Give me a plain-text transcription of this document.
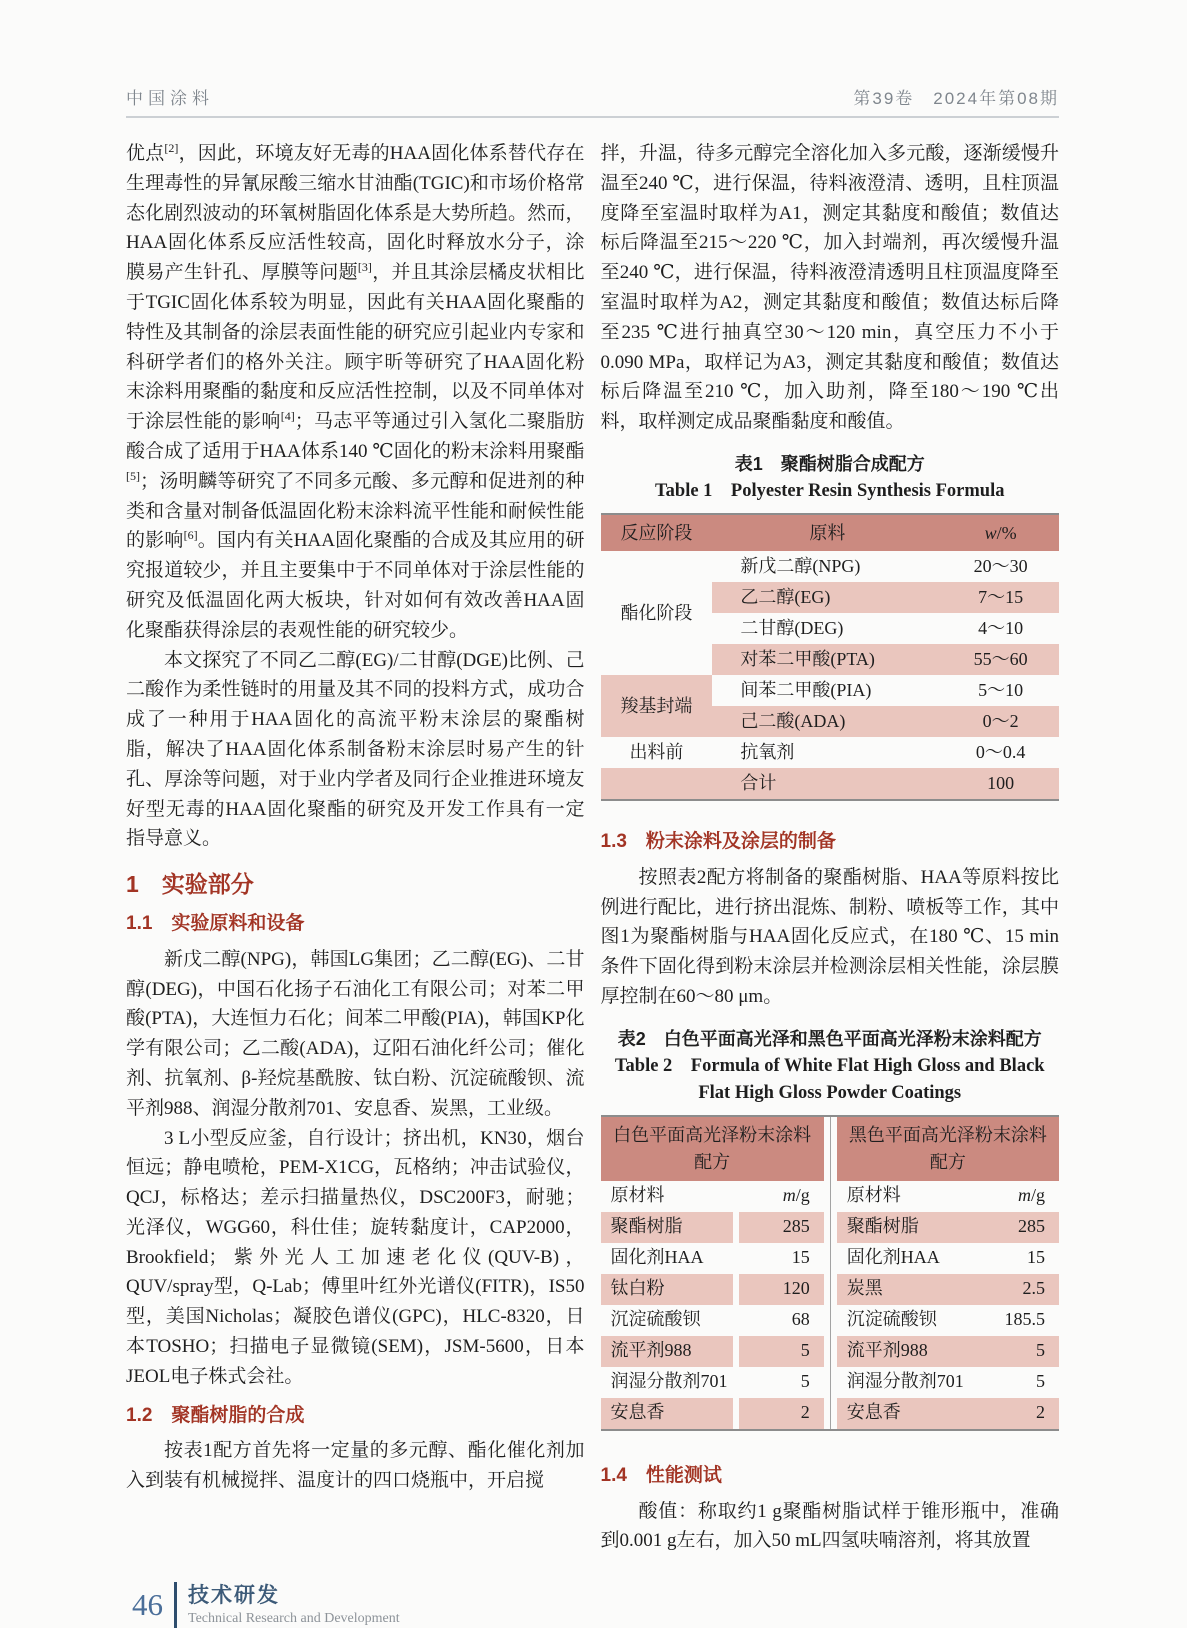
中国涂料	第39卷　2024年第08期

优点[2]，因此，环境友好无毒的HAA固化体系替代存在生理毒性的异氰尿酸三缩水甘油酯(TGIC)和市场价格常态化剧烈波动的环氧树脂固化体系是大势所趋。然而，HAA固化体系反应活性较高，固化时释放水分子，涂膜易产生针孔、厚膜等问题[3]，并且其涂层橘皮状相比于TGIC固化体系较为明显，因此有关HAA固化聚酯的特性及其制备的涂层表面性能的研究应引起业内专家和科研学者们的格外关注。顾宇昕等研究了HAA固化粉末涂料用聚酯的黏度和反应活性控制，以及不同单体对于涂层性能的影响[4]；马志平等通过引入氢化二聚脂肪酸合成了适用于HAA体系140 ℃固化的粉末涂料用聚酯[5]；汤明麟等研究了不同多元酸、多元醇和促进剂的种类和含量对制备低温固化粉末涂料流平性能和耐候性能的影响[6]。国内有关HAA固化聚酯的合成及其应用的研究报道较少，并且主要集中于不同单体对于涂层性能的研究及低温固化两大板块，针对如何有效改善HAA固化聚酯获得涂层的表观性能的研究较少。

本文探究了不同乙二醇(EG)/二甘醇(DGE)比例、己二酸作为柔性链时的用量及其不同的投料方式，成功合成了一种用于HAA固化的高流平粉末涂层的聚酯树脂，解决了HAA固化体系制备粉末涂层时易产生的针孔、厚涂等问题，对于业内学者及同行企业推进环境友好型无毒的HAA固化聚酯的研究及开发工作具有一定指导意义。

1　实验部分
1.1　实验原料和设备

新戊二醇(NPG)，韩国LG集团；乙二醇(EG)、二甘醇(DEG)，中国石化扬子石油化工有限公司；对苯二甲酸(PTA)，大连恒力石化；间苯二甲酸(PIA)，韩国KP化学有限公司；乙二酸(ADA)，辽阳石油化纤公司；催化剂、抗氧剂、β-羟烷基酰胺、钛白粉、沉淀硫酸钡、流平剂988、润湿分散剂701、安息香、炭黑，工业级。

3 L小型反应釜，自行设计；挤出机，KN30，烟台恒远；静电喷枪，PEM-X1CG，瓦格纳；冲击试验仪，QCJ，标格达；差示扫描量热仪，DSC200F3，耐驰；光泽仪，WGG60，科仕佳；旋转黏度计，CAP2000，Brookfield；紫外光人工加速老化仪(QUV-B)，QUV/spray型，Q-Lab；傅里叶红外光谱仪(FITR)，IS50型，美国Nicholas；凝胶色谱仪(GPC)，HLC-8320，日本TOSHO；扫描电子显微镜(SEM)，JSM-5600，日本JEOL电子株式会社。

1.2　聚酯树脂的合成

按表1配方首先将一定量的多元醇、酯化催化剂加入到装有机械搅拌、温度计的四口烧瓶中，开启搅

拌，升温，待多元醇完全溶化加入多元酸，逐渐缓慢升温至240 ℃，进行保温，待料液澄清、透明，且柱顶温度降至室温时取样为A1，测定其黏度和酸值；数值达标后降温至215～220 ℃，加入封端剂，再次缓慢升温至240 ℃，进行保温，待料液澄清透明且柱顶温度降至室温时取样为A2，测定其黏度和酸值；数值达标后降至235 ℃进行抽真空30～120 min，真空压力不小于0.090 MPa，取样记为A3，测定其黏度和酸值；数值达标后降温至210 ℃，加入助剂，降至180～190 ℃出料，取样测定成品聚酯黏度和酸值。

表1　聚酯树脂合成配方
Table 1　Polyester Resin Synthesis Formula
反应阶段	原料	w/%
酯化阶段	新戊二醇(NPG)	20～30
	乙二醇(EG)	7～15
	二甘醇(DEG)	4～10
	对苯二甲酸(PTA)	55～60
羧基封端	间苯二甲酸(PIA)	5～10
	己二酸(ADA)	0～2
出料前	抗氧剂	0～0.4
	合计	100
1.3　粉末涂料及涂层的制备

按照表2配方将制备的聚酯树脂、HAA等原料按比例进行配比，进行挤出混炼、制粉、喷板等工作，其中图1为聚酯树脂与HAA固化反应式，在180 ℃、15 min条件下固化得到粉末涂层并检测涂层相关性能，涂层膜厚控制在60～80 μm。

表2　白色平面高光泽和黑色平面高光泽粉末涂料配方
Table 2　Formula of White Flat High Gloss and Black Flat High Gloss Powder Coatings
白色平面高光泽粉末涂料配方	
原材料	m/g
聚酯树脂	285
固化剂HAA	15
钛白粉	120
沉淀硫酸钡	68
流平剂988	5
润湿分散剂701	5
安息香	2
黑色平面高光泽粉末涂料配方	
原材料	m/g
聚酯树脂	285
固化剂HAA	15
炭黑	2.5
沉淀硫酸钡	185.5
流平剂988	5
润湿分散剂701	5
安息香	2
1.4　性能测试

酸值：称取约1 g聚酯树脂试样于锥形瓶中，准确到0.001 g左右，加入50 mL四氢呋喃溶剂，将其放置

46 技术研发
Technical Research and Development
